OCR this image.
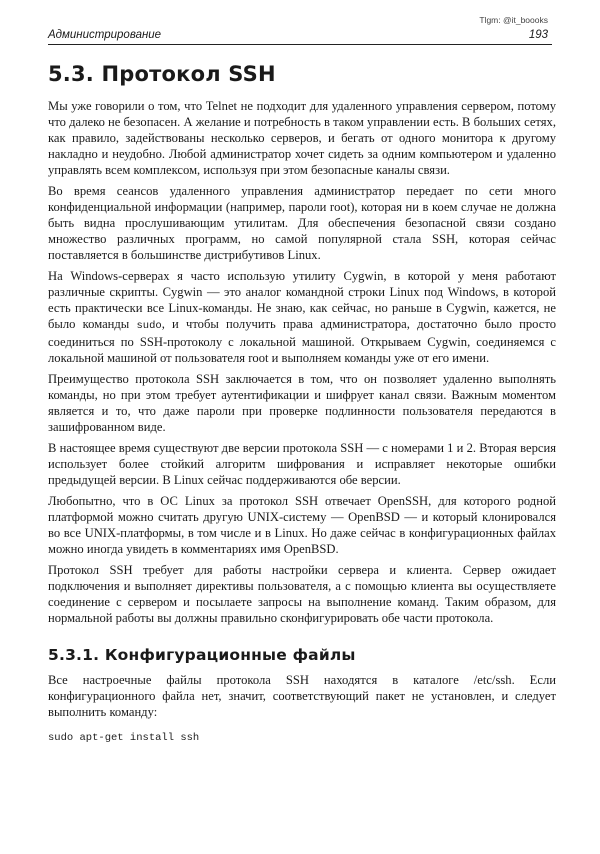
Tlgm: @it_boooks
Администрирование	193
5.3. Протокол SSH

Мы уже говорили о том, что Telnet не подходит для удаленного управления сервером, потому что далеко не безопасен. А желание и потребность в таком управлении есть. В больших сетях, как правило, задействованы несколько серверов, и бегать от одного монитора к другому накладно и неудобно. Любой администратор хочет сидеть за одним компьютером и удаленно управлять всем комплексом, используя при этом безопасные каналы связи.

Во время сеансов удаленного управления администратор передает по сети много конфиденциальной информации (например, пароли root), которая ни в коем случае не должна быть видна прослушивающим утилитам. Для обеспечения безопасной связи создано множество различных программ, но самой популярной стала SSH, которая сейчас поставляется в большинстве дистрибутивов Linux.

На Windows-серверах я часто использую утилиту Cygwin, в которой у меня работают различные скрипты. Cygwin — это аналог командной строки Linux под Windows, в которой есть практически все Linux-команды. Не знаю, как сейчас, но раньше в Cygwin, кажется, не было команды sudo, и чтобы получить права администратора, достаточно было просто соединиться по SSH-протоколу с локальной машиной. Открываем Cygwin, соединяемся с локальной машиной от пользователя root и выполняем команды уже от его имени.

Преимущество протокола SSH заключается в том, что он позволяет удаленно выполнять команды, но при этом требует аутентификации и шифрует канал связи. Важным моментом является и то, что даже пароли при проверке подлинности пользователя передаются в зашифрованном виде.

В настоящее время существуют две версии протокола SSH — с номерами 1 и 2. Вторая версия использует более стойкий алгоритм шифрования и исправляет некоторые ошибки предыдущей версии. В Linux сейчас поддерживаются обе версии.

Любопытно, что в ОС Linux за протокол SSH отвечает OpenSSH, для которого родной платформой можно считать другую UNIX-систему — OpenBSD — и который клонировался во все UNIX-платформы, в том числе и в Linux. Но даже сейчас в конфигурационных файлах можно иногда увидеть в комментариях имя OpenBSD.

Протокол SSH требует для работы настройки сервера и клиента. Сервер ожидает подключения и выполняет директивы пользователя, а с помощью клиента вы осуществляете соединение с сервером и посылаете запросы на выполнение команд. Таким образом, для нормальной работы вы должны правильно сконфигурировать обе части протокола.

5.3.1. Конфигурационные файлы

Все настроечные файлы протокола SSH находятся в каталоге /etc/ssh. Если конфигурационного файла нет, значит, соответствующий пакет не установлен, и следует выполнить команду:

sudo apt-get install ssh
